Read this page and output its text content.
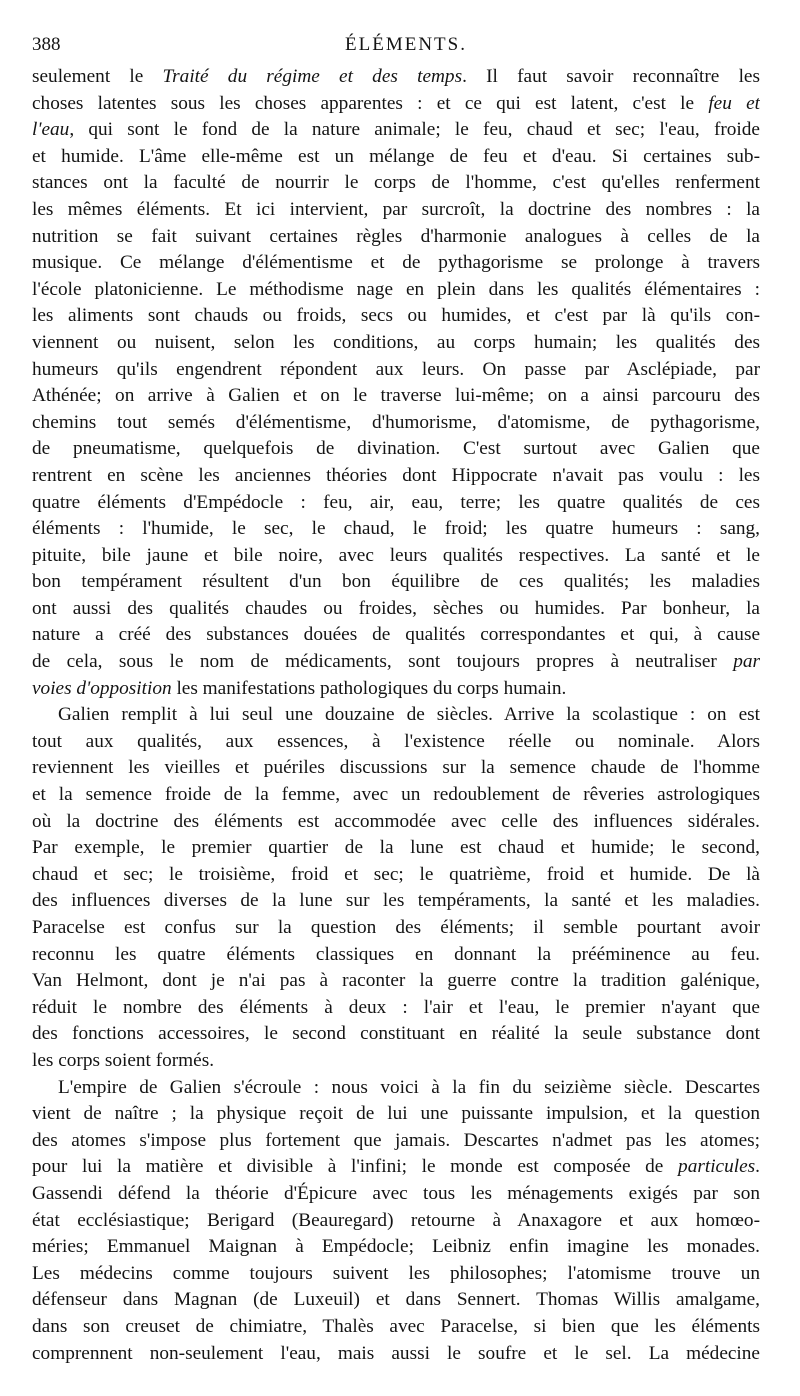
388	ÉLÉMENTS.
seulement le Traité du régime et des temps. Il faut savoir reconnaître les
choses latentes sous les choses apparentes : et ce qui est latent, c'est le feu et
l'eau, qui sont le fond de la nature animale; le feu, chaud et sec; l'eau, froide
et humide. L'âme elle-même est un mélange de feu et d'eau. Si certaines sub-
stances ont la faculté de nourrir le corps de l'homme, c'est qu'elles renferment
les mêmes éléments. Et ici intervient, par surcroît, la doctrine des nombres : la
nutrition se fait suivant certaines règles d'harmonie analogues à celles de la
musique. Ce mélange d'élémentisme et de pythagorisme se prolonge à travers
l'école platonicienne. Le méthodisme nage en plein dans les qualités élémentaires :
les aliments sont chauds ou froids, secs ou humides, et c'est par là qu'ils con-
viennent ou nuisent, selon les conditions, au corps humain; les qualités des
humeurs qu'ils engendrent répondent aux leurs. On passe par Asclépiade, par
Athénée; on arrive à Galien et on le traverse lui-même; on a ainsi parcouru des
chemins tout semés d'élémentisme, d'humorisme, d'atomisme, de pythagorisme,
de pneumatisme, quelquefois de divination. C'est surtout avec Galien que
rentrent en scène les anciennes théories dont Hippocrate n'avait pas voulu : les
quatre éléments d'Empédocle : feu, air, eau, terre; les quatre qualités de ces
éléments : l'humide, le sec, le chaud, le froid; les quatre humeurs : sang,
pituite, bile jaune et bile noire, avec leurs qualités respectives. La santé et le
bon tempérament résultent d'un bon équilibre de ces qualités; les maladies
ont aussi des qualités chaudes ou froides, sèches ou humides. Par bonheur, la
nature a créé des substances douées de qualités correspondantes et qui, à cause
de cela, sous le nom de médicaments, sont toujours propres à neutraliser par
voies d'opposition les manifestations pathologiques du corps humain.
Galien remplit à lui seul une douzaine de siècles. Arrive la scolastique : on est
tout aux qualités, aux essences, à l'existence réelle ou nominale. Alors
reviennent les vieilles et puériles discussions sur la semence chaude de l'homme
et la semence froide de la femme, avec un redoublement de rêveries astrologiques
où la doctrine des éléments est accommodée avec celle des influences sidérales.
Par exemple, le premier quartier de la lune est chaud et humide; le second,
chaud et sec; le troisième, froid et sec; le quatrième, froid et humide. De là
des influences diverses de la lune sur les tempéraments, la santé et les maladies.
Paracelse est confus sur la question des éléments; il semble pourtant avoir
reconnu les quatre éléments classiques en donnant la prééminence au feu.
Van Helmont, dont je n'ai pas à raconter la guerre contre la tradition galénique,
réduit le nombre des éléments à deux : l'air et l'eau, le premier n'ayant que
des fonctions accessoires, le second constituant en réalité la seule substance dont
les corps soient formés.
L'empire de Galien s'écroule : nous voici à la fin du seizième siècle. Descartes
vient de naître ; la physique reçoit de lui une puissante impulsion, et la question
des atomes s'impose plus fortement que jamais. Descartes n'admet pas les atomes;
pour lui la matière et divisible à l'infini; le monde est composée de particules.
Gassendi défend la théorie d'Épicure avec tous les ménagements exigés par son
état ecclésiastique; Berigard (Beauregard) retourne à Anaxagore et aux homœo-
méries; Emmanuel Maignan à Empédocle; Leibniz enfin imagine les monades.
Les médecins comme toujours suivent les philosophes; l'atomisme trouve un
défenseur dans Magnan (de Luxeuil) et dans Sennert. Thomas Willis amalgame,
dans son creuset de chimiatre, Thalès avec Paracelse, si bien que les éléments
comprennent non-seulement l'eau, mais aussi le soufre et le sel. La médecine
